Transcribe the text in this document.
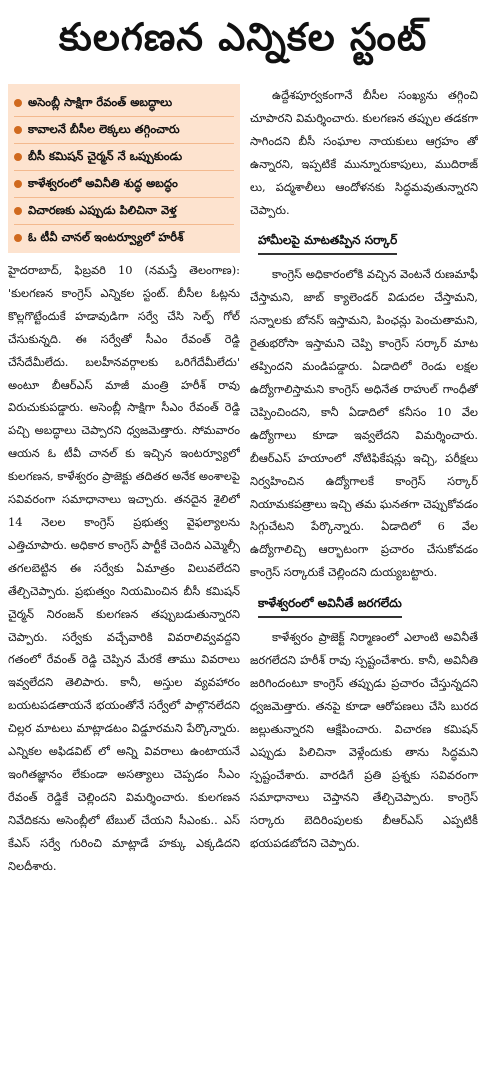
కులగణన ఎన్నికల స్టంట్
అసెంబ్లీ సాక్షిగా రేవంత్ అబద్ధాలు
కావాలనే బీసీల లెక్కలు తగ్గించారు
బీసీ కమిషన్ చైర్మన్ నే ఒప్పుకుండు
కాళేశ్వరంలో అవినీతి శుద్ధ అబద్ధం
విచారణకు ఎప్పుడు పిలిచినా వెళ్త
ఓ టీవీ చానల్ ఇంటర్వ్యూలో హరీశ్

హైదరాబాద్, ఫిబ్రవరి 10 (నమస్తే తెలంగాణ): 'కులగణన కాంగ్రెస్ ఎన్నికల స్టంట్. బీసీల ఓట్లను కొల్లగొట్టేందుకే హడావుడిగా సర్వే చేసి సెల్ఫ్ గోల్ చేసుకున్నది. ఈ సర్వేతో సీఎం రేవంత్ రెడ్డి చేసేదేమీలేదు. బలహీనవర్గాలకు ఒరిగేదేమీలేదు' అంటూ బీఆర్ఎస్ మాజీ మంత్రి హరీశ్ రావు విరుచుకుపడ్డారు. అసెంబ్లీ సాక్షిగా సీఎం రేవంత్ రెడ్డి పచ్చి అబద్ధాలు చెప్పారని ధ్వజమెత్తారు. సోమవారం ఆయన ఓ టీవీ చానల్ కు ఇచ్చిన ఇంటర్వ్యూలో కులగణన, కాళేశ్వరం ప్రాజెక్టు తదితర అనేక అంశాలపై సవివరంగా సమాధానాలు ఇచ్చారు. తనదైన శైలిలో 14 నెలల కాంగ్రెస్ ప్రభుత్వ వైఫల్యాలను ఎత్తిచూపారు. అధికార కాంగ్రెస్ పార్టీకే చెందిన ఎమ్మెల్సీ తగలబెట్టిన ఈ సర్వేకు ఏమాత్రం విలువలేదని తేల్చిచెప్పారు. ప్రభుత్వం నియమించిన బీసీ కమిషన్ చైర్మన్ నిరంజన్ కులగణన తప్పుబడుతున్నారని చెప్పారు. సర్వేకు వచ్చేవారికి వివరాలివ్వవద్దని గతంలో రేవంత్ రెడ్డి చెప్పిన మేరకే తాము వివరాలు ఇవ్వలేదని తెలిపారు. కానీ, అస్తుల వ్యవహారం బయటపడతాయనే భయంతోనే సర్వేలో పాల్గొనలేదని చిల్లర మాటలు మాట్లాడటం విడ్డూరమని పేర్కొన్నారు. ఎన్నికల అఫిడవిట్ లో అన్ని వివరాలు ఉంటాయనే ఇంగితజ్ఞానం లేకుండా అసత్యాలు చెప్పడం సీఎం రేవంత్ రెడ్డికే చెల్లిందని విమర్శించారు. కులగణన నివేదికను అసెంబ్లీలో టేబుల్ చేయని సీఎంకు.. ఎస్ కేఎస్ సర్వే గురించి మాట్లాడే హక్కు ఎక్కడిదని నిలదీశారు.

ఉద్దేశపూర్వకంగానే బీసీల సంఖ్యను తగ్గించి చూపారని విమర్శించారు. కులగణన తప్పుల తడకగా సాగిందని బీసీ సంఘాల నాయకులు ఆగ్రహం తో ఉన్నారని, ఇప్పటికే మున్నూరుకాపులు, ముదిరాజ్ లు, పద్మశాలీలు ఆందోళనకు సిద్ధమవుతున్నారని చెప్పారు.

హామీలపై మాటతప్పిన సర్కార్

కాంగ్రెస్ అధికారంలోకి వచ్చిన వెంటనే రుణమాఫీ చేస్తామని, జాబ్ క్యాలెండర్ విడుదల చేస్తామని, సన్నాలకు బోనస్ ఇస్తామని, పింఛన్లు పెంచుతామని, రైతుభరోసా ఇస్తామని చెప్పి కాంగ్రెస్ సర్కార్ మాట తప్పిందని మండిపడ్డారు. ఏడాదిలో రెండు లక్షల ఉద్యోగాలిస్తామని కాంగ్రెస్ అధినేత రాహుల్ గాంధీతో చెప్పించిందని, కానీ ఏడాదిలో కనీసం 10 వేల ఉద్యోగాలు కూడా ఇవ్వలేదని విమర్శించారు. బీఆర్ఎస్ హయాంలో నోటిఫికేషన్లు ఇచ్చి, పరీక్షలు నిర్వహించిన ఉద్యోగాలకే కాంగ్రెస్ సర్కార్ నియామకపత్రాలు ఇచ్చి తమ ఘనతగా చెప్పుకోవడం సిగ్గుచేటని పేర్కొన్నారు. ఏడాదిలో 6 వేల ఉద్యోగాలిచ్చి ఆర్భాటంగా ప్రచారం చేసుకోవడం కాంగ్రెస్ సర్కారుకే చెల్లిందని దుయ్యబట్టారు.

కాళేశ్వరంలో అవినీతే జరగలేదు

కాళేశ్వరం ప్రాజెక్ట్ నిర్మాణంలో ఎలాంటి అవినీతే జరగలేదని హరీశ్ రావు స్పష్టంచేశారు. కానీ, అవినీతి జరిగిందంటూ కాంగ్రెస్ తప్పుడు ప్రచారం చేస్తున్నదని ధ్వజమెత్తారు. తనపై కూడా ఆరోపణలు చేసి బురద జల్లుతున్నారని ఆక్షేపించారు. విచారణ కమిషన్ ఎప్పుడు పిలిచినా వెళ్లేందుకు తాను సిద్ధమని స్పష్టంచేశారు. వారడిగే ప్రతి ప్రశ్నకు సవివరంగా సమాధానాలు చెప్తానని తేల్చిచెప్పారు. కాంగ్రెస్ సర్కారు బెదిరింపులకు బీఆర్ఎస్ ఎప్పటికీ భయపడబోదని చెప్పారు.
